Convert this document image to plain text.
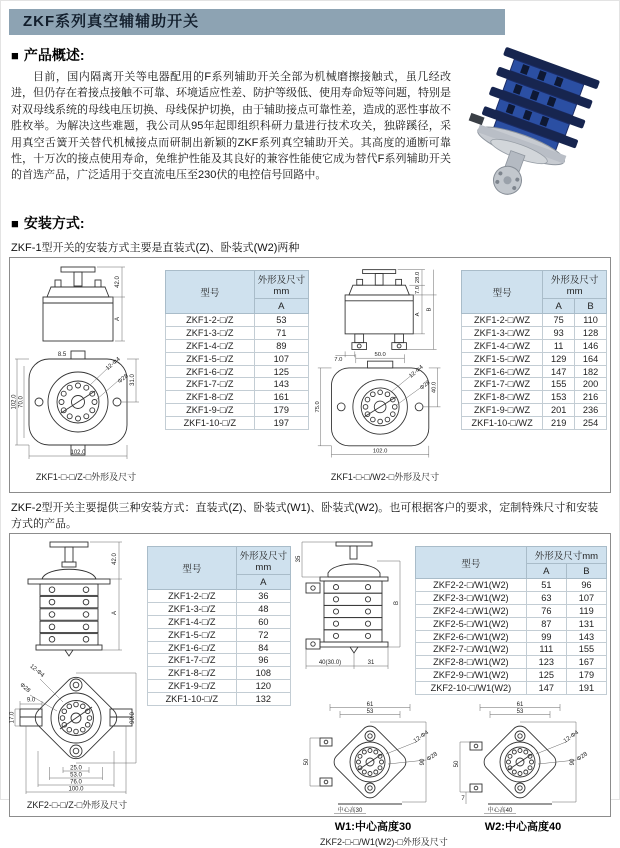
ZKF系列真空辅辅助开关
■ 产品概述:

目前，国内隔离开关等电器配用的F系列辅助开关全部为机械磨擦接触式，虽几经改进，但仍存在着接点接触不可靠、环境适应性差、防护等级低、使用寿命短等问题，特别是对双母线系统的母线电压切换、母线保护切换，由于辅助接点可靠性差，造成的恶性事故不胜枚举。为解决这些难题，我公司从95年起即组织科研力量进行技术攻关，独辟蹊径，采用真空舌簧开关替代机械接点而研制出新颖的ZKF系列真空辅助开关。其高度的通断可靠性，十万次的接点使用寿命，免维护性能及其良好的兼容性能使它成为替代F系列辅助开关的首选产品，广泛适用于交直流电压至230伏的电控信号回路中。

■ 安装方式:

ZKF-1型开关的安装方式主要是直装式(Z)、卧装式(W2)两种

42.0
A
8.5
12-Φ4
Φ28
102.0 70.0
31.0
102.0
ZKF1-□-□/Z-□外形及尺寸
型号	外形及尺寸mm
	A
ZKF1-2-□/Z	53
ZKF1-3-□/Z	71
ZKF1-4-□/Z	89
ZKF1-5-□/Z	107
ZKF1-6-□/Z	125
ZKF1-7-□/Z	143
ZKF1-8-□/Z	161
ZKF1-9-□/Z	179
ZKF1-10-□/Z	197
28.0
7.0
A
B
7.0
50.0
12-Φ4
Φ28 40.0
75.0
102.0
ZKF1-□-□/W2-□外形及尺寸
型号	外形及尺寸mm	
	A	B
ZKF1-2-□/WZ	75	110
ZKF1-3-□/WZ	93	128
ZKF1-4-□/WZ	11	146
ZKF1-5-□/WZ	129	164
ZKF1-6-□/WZ	147	182
ZKF1-7-□/WZ	155	200
ZKF1-8-□/WZ	153	216
ZKF1-9-□/WZ	201	236
ZKF1-10-□/WZ	219	254

ZKF-2型开关主要提供三种安装方式：直装式(Z)、卧装式(W1)、卧装式(W2)。也可根据客户的要求，定制特殊尺寸和安装方式的产品。

42.0
A
12-Φ4
Φ28
9.0
17.0	90.0
25.0
53.0
76.0
100.0
ZKF2-□-□/Z-□外形及尺寸
型号	外形及尺寸mm
	A
ZKF1-2-□/Z	36
ZKF1-3-□/Z	48
ZKF1-4-□/Z	60
ZKF1-5-□/Z	72
ZKF1-6-□/Z	84
ZKF1-7-□/Z	96
ZKF1-8-□/Z	108
ZKF1-9-□/Z	120
ZKF1-10-□/Z	132
35
B
40(30.0)	31
型号	外形及尺寸mm	
	A	B
ZKF2-2-□/W1(W2)	51	96
ZKF2-3-□/W1(W2)	63	107
ZKF2-4-□/W1(W2)	76	119
ZKF2-5-□/W1(W2)	87	131
ZKF2-6-□/W1(W2)	99	143
ZKF2-7-□/W1(W2)	111	155
ZKF2-8-□/W1(W2)	123	167
ZKF2-9-□/W1(W2)	125	179
ZKF2-10-□/W1(W2)	147	191
61
53
50
12-Φ4
Φ28
90
中心高30
W1:中心高度30
61
53
50
12-Φ4
Φ28
90
中心高40
7
W2:中心高度40
ZKF2-□-□/W1(W2)-□外形及尺寸
